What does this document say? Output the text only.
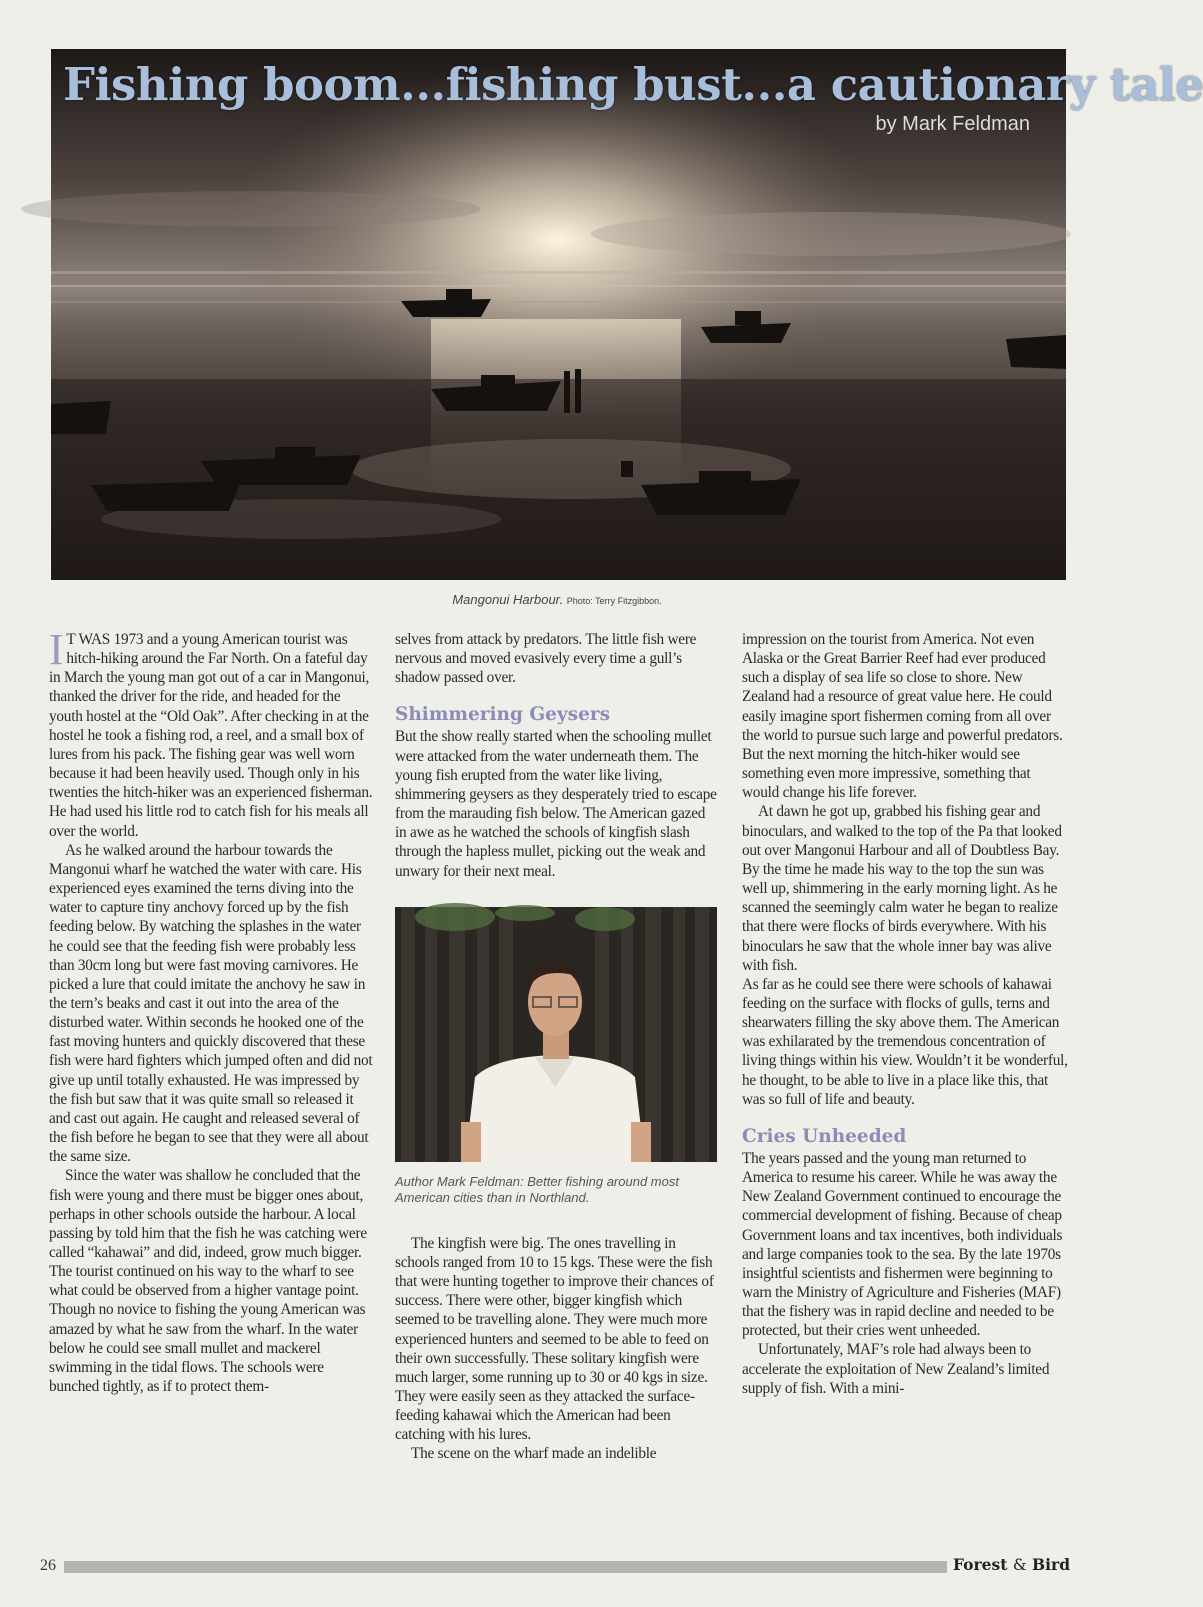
Fishing boom...fishing bust...a cautionary tale
by Mark Feldman
Mangonui Harbour. Photo: Terry Fitzgibbon.

I T WAS 1973 and a young American tourist was hitch-hiking around the Far North. On a fateful day in March the young man got out of a car in Mangonui, thanked the driver for the ride, and headed for the youth hostel at the “Old Oak”. After checking in at the hostel he took a fishing rod, a reel, and a small box of lures from his pack. The fishing gear was well worn because it had been heavily used. Though only in his twenties the hitch-hiker was an experienced fisherman. He had used his little rod to catch fish for his meals all over the world.

As he walked around the harbour towards the Mangonui wharf he watched the water with care. His experienced eyes examined the terns diving into the water to capture tiny anchovy forced up by the fish feeding below. By watching the splashes in the water he could see that the feeding fish were probably less than 30cm long but were fast moving carnivores. He picked a lure that could imitate the anchovy he saw in the tern’s beaks and cast it out into the area of the disturbed water. Within seconds he hooked one of the fast moving hunters and quickly discovered that these fish were hard fighters which jumped often and did not give up until totally exhausted. He was impressed by the fish but saw that it was quite small so released it and cast out again. He caught and released several of the fish before he began to see that they were all about the same size.

Since the water was shallow he concluded that the fish were young and there must be bigger ones about, perhaps in other schools outside the harbour. A local passing by told him that the fish he was catching were called “kahawai” and did, indeed, grow much bigger. The tourist continued on his way to the wharf to see what could be observed from a higher vantage point. Though no novice to fishing the young American was amazed by what he saw from the wharf. In the water below he could see small mullet and mackerel swimming in the tidal flows. The schools were bunched tightly, as if to protect them-

selves from attack by predators. The little fish were nervous and moved evasively every time a gull’s shadow passed over.

Shimmering Geysers

But the show really started when the schooling mullet were attacked from the water underneath them. The young fish erupted from the water like living, shimmering geysers as they desperately tried to escape from the marauding fish below. The American gazed in awe as he watched the schools of kingfish slash through the hapless mullet, picking out the weak and unwary for their next meal.

Author Mark Feldman: Better fishing around most American cities than in Northland.

The kingfish were big. The ones travelling in schools ranged from 10 to 15 kgs. These were the fish that were hunting together to improve their chances of success. There were other, bigger kingfish which seemed to be travelling alone. They were much more experienced hunters and seemed to be able to feed on their own successfully. These solitary kingfish were much larger, some running up to 30 or 40 kgs in size. They were easily seen as they attacked the surface-feeding kahawai which the American had been catching with his lures.

The scene on the wharf made an indelible

impression on the tourist from America. Not even Alaska or the Great Barrier Reef had ever produced such a display of sea life so close to shore. New Zealand had a resource of great value here. He could easily imagine sport fishermen coming from all over the world to pursue such large and powerful predators. But the next morning the hitch-hiker would see something even more impressive, something that would change his life forever.

At dawn he got up, grabbed his fishing gear and binoculars, and walked to the top of the Pa that looked out over Mangonui Harbour and all of Doubtless Bay. By the time he made his way to the top the sun was well up, shimmering in the early morning light. As he scanned the seemingly calm water he began to realize that there were flocks of birds everywhere. With his binoculars he saw that the whole inner bay was alive with fish.

As far as he could see there were schools of kahawai feeding on the surface with flocks of gulls, terns and shearwaters filling the sky above them. The American was exhilarated by the tremendous concentration of living things within his view. Wouldn’t it be wonderful, he thought, to be able to live in a place like this, that was so full of life and beauty.

Cries Unheeded

The years passed and the young man returned to America to resume his career. While he was away the New Zealand Government continued to encourage the commercial development of fishing. Because of cheap Government loans and tax incentives, both individuals and large companies took to the sea. By the late 1970s insightful scientists and fishermen were beginning to warn the Ministry of Agriculture and Fisheries (MAF) that the fishery was in rapid decline and needed to be protected, but their cries went unheeded.

Unfortunately, MAF’s role had always been to accelerate the exploitation of New Zealand’s limited supply of fish. With a mini-

26	Forest & Bird
